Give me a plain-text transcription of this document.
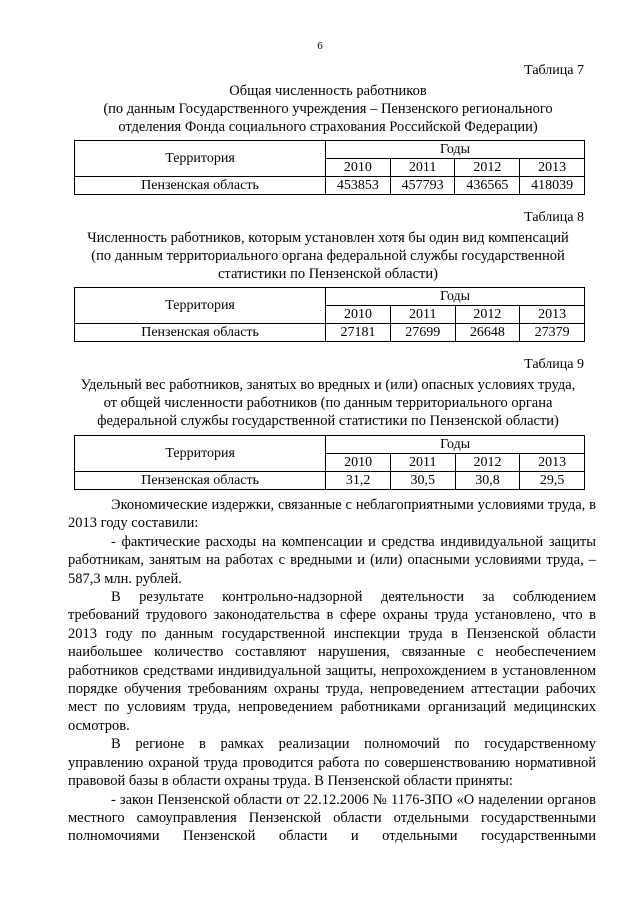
6
Таблица 7
Общая численность работников
(по данным Государственного учреждения – Пензенского регионального
отделения Фонда социального страхования Российской Федерации)
Территория	Годы			
	2010	2011	2012	2013
Пензенская область	453853	457793	436565	418039
Таблица 8
Численность работников, которым установлен хотя бы один вид компенсаций
(по данным территориального органа федеральной службы государственной
статистики по Пензенской области)
Территория	Годы			
	2010	2011	2012	2013
Пензенская область	27181	27699	26648	27379
Таблица 9
Удельный вес работников, занятых во вредных и (или) опасных условиях труда,
от общей численности работников (по данным территориального органа
федеральной службы государственной статистики по Пензенской области)
Территория	Годы			
	2010	2011	2012	2013
Пензенская область	31,2	30,5	30,8	29,5

Экономические издержки, связанные с неблагоприятными условиями труда, в 2013 году составили:

- фактические расходы на компенсации и средства индивидуальной защиты работникам, занятым на работах с вредными и (или) опасными условиями труда, – 587,3 млн. рублей.

В результате контрольно-надзорной деятельности за соблюдением требований трудового законодательства в сфере охраны труда установлено, что в 2013 году по данным государственной инспекции труда в Пензенской области наибольшее количество составляют нарушения, связанные с необеспечением работников средствами индивидуальной защиты, непрохождением в установленном порядке обучения требованиям охраны труда, непроведением аттестации рабочих мест по условиям труда, непроведением работниками организаций медицинских осмотров.

В регионе в рамках реализации полномочий по государственному управлению охраной труда проводится работа по совершенствованию нормативной правовой базы в области охраны труда. В Пензенской области приняты:

- закон Пензенской области от 22.12.2006 № 1176-ЗПО «О наделении органов местного самоуправления Пензенской области отдельными государственными полномочиями Пензенской области и отдельными государственными
